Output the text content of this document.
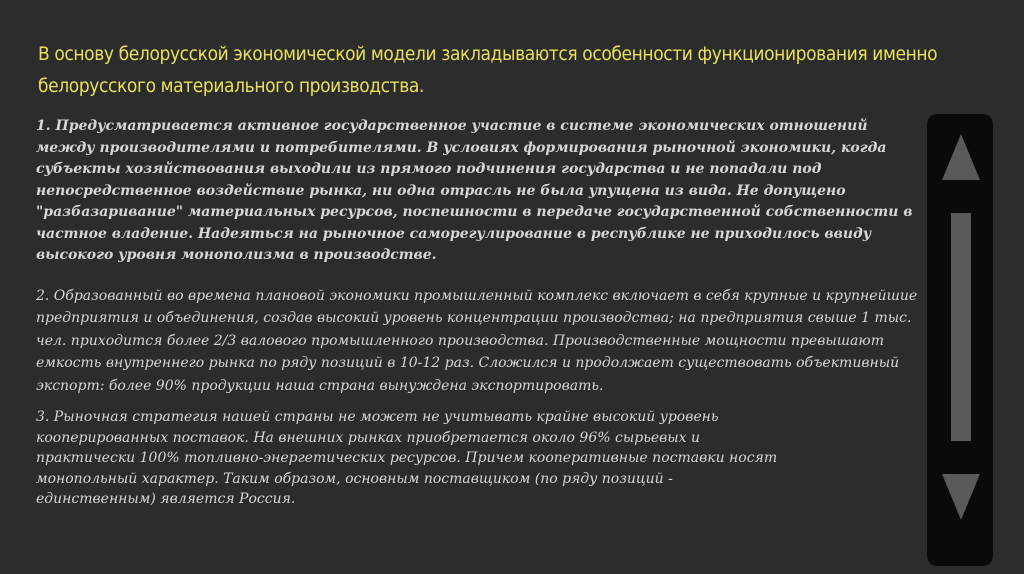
В основу белорусской экономической модели закладываются особенности функционирования именно белорусского материального производства.

1. Предусматривается активное государственное участие в системе экономических отношений между производителями и потребителями. В условиях формирования рыночной экономики, когда субъекты хозяйствования выходили из прямого подчинения государства и не попадали под непосредственное воздействие рынка, ни одна отрасль не была упущена из вида. Не допущено "разбазаривание" материальных ресурсов, поспешности в передаче государственной собственности в частное владение. Надеяться на рыночное саморегулирование в республике не приходилось ввиду высокого уровня монополизма в производстве.

2. Образованный во времена плановой экономики промышленный комплекс включает в себя крупные и крупнейшие предприятия и объединения, создав высокий уровень концентрации производства; на предприятия свыше 1 тыс. чел. приходится более 2/3 валового промышленного производства. Производственные мощности превышают емкость внутреннего рынка по ряду позиций в 10-12 раз. Сложился и продолжает существовать объективный экспорт: более 90% продукции наша страна вынуждена экспортировать.

3. Рыночная стратегия нашей страны не может не учитывать крайне высокий уровень кооперированных поставок. На внешних рынках приобретается около 96% сырьевых и практически 100% топливно-энергетических ресурсов. Причем кооперативные поставки носят монопольный характер. Таким образом, основным поставщиком (по ряду позиций - единственным) является Россия.
